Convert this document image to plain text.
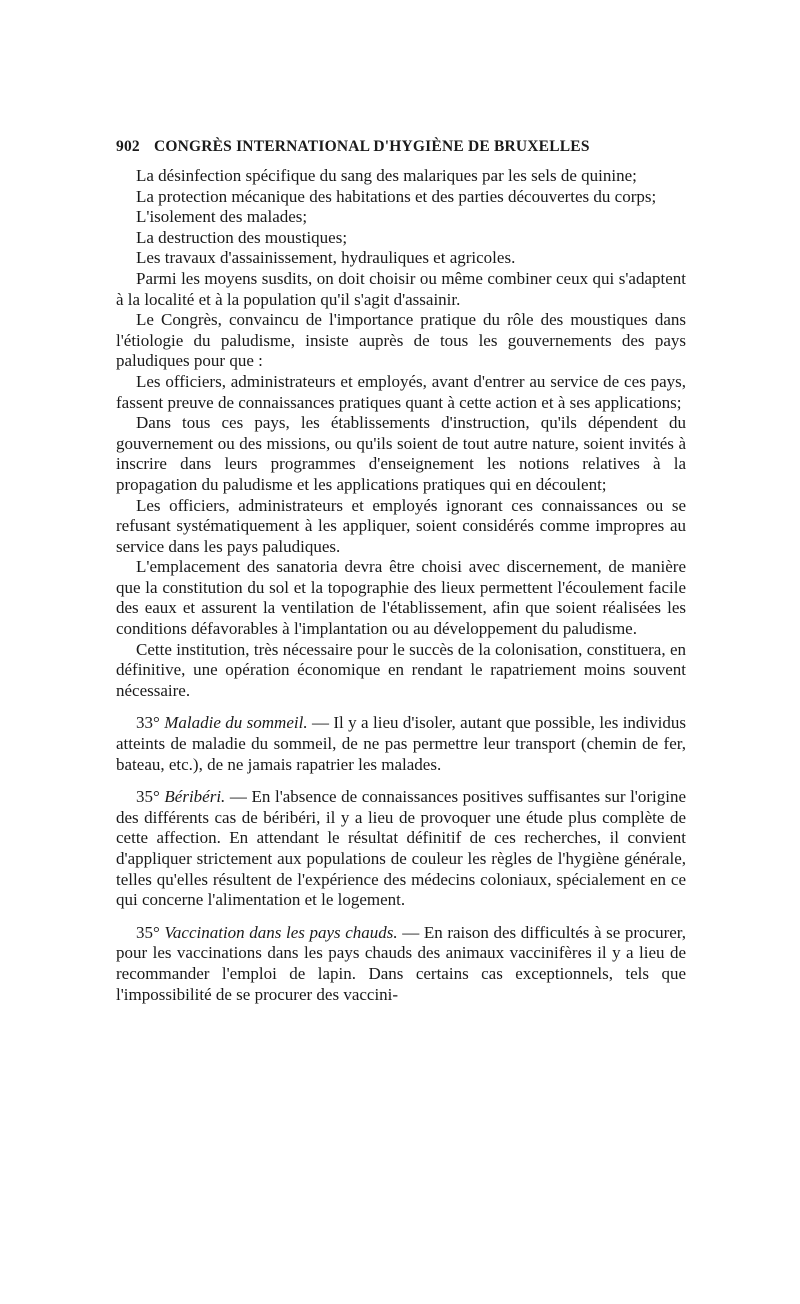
902 CONGRÈS INTERNATIONAL D'HYGIÈNE DE BRUXELLES

La désinfection spécifique du sang des malariques par les sels de quinine;

La protection mécanique des habitations et des parties découvertes du corps;

L'isolement des malades;

La destruction des moustiques;

Les travaux d'assainissement, hydrauliques et agricoles.

Parmi les moyens susdits, on doit choisir ou même combiner ceux qui s'adaptent à la localité et à la population qu'il s'agit d'assainir.

Le Congrès, convaincu de l'importance pratique du rôle des moustiques dans l'étiologie du paludisme, insiste auprès de tous les gouvernements des pays paludiques pour que :

Les officiers, administrateurs et employés, avant d'entrer au service de ces pays, fassent preuve de connaissances pratiques quant à cette action et à ses applications;

Dans tous ces pays, les établissements d'instruction, qu'ils dépendent du gouvernement ou des missions, ou qu'ils soient de tout autre nature, soient invités à inscrire dans leurs programmes d'enseignement les notions relatives à la propagation du paludisme et les applications pratiques qui en découlent;

Les officiers, administrateurs et employés ignorant ces connaissances ou se refusant systématiquement à les appliquer, soient considérés comme impropres au service dans les pays paludiques.

L'emplacement des sanatoria devra être choisi avec discernement, de manière que la constitution du sol et la topographie des lieux permettent l'écoulement facile des eaux et assurent la ventilation de l'établissement, afin que soient réalisées les conditions défavorables à l'implantation ou au développement du paludisme.

Cette institution, très nécessaire pour le succès de la colonisation, constituera, en définitive, une opération économique en rendant le rapatriement moins souvent nécessaire.

33° Maladie du sommeil. — Il y a lieu d'isoler, autant que possible, les individus atteints de maladie du sommeil, de ne pas permettre leur transport (chemin de fer, bateau, etc.), de ne jamais rapatrier les malades.

35° Béribéri. — En l'absence de connaissances positives suffisantes sur l'origine des différents cas de béribéri, il y a lieu de provoquer une étude plus complète de cette affection. En attendant le résultat définitif de ces recherches, il convient d'appliquer strictement aux populations de couleur les règles de l'hygiène générale, telles qu'elles résultent de l'expérience des médecins coloniaux, spécialement en ce qui concerne l'alimentation et le logement.

35° Vaccination dans les pays chauds. — En raison des difficultés à se procurer, pour les vaccinations dans les pays chauds des animaux vaccinifères il y a lieu de recommander l'emploi de lapin. Dans certains cas exceptionnels, tels que l'impossibilité de se procurer des vaccini-
